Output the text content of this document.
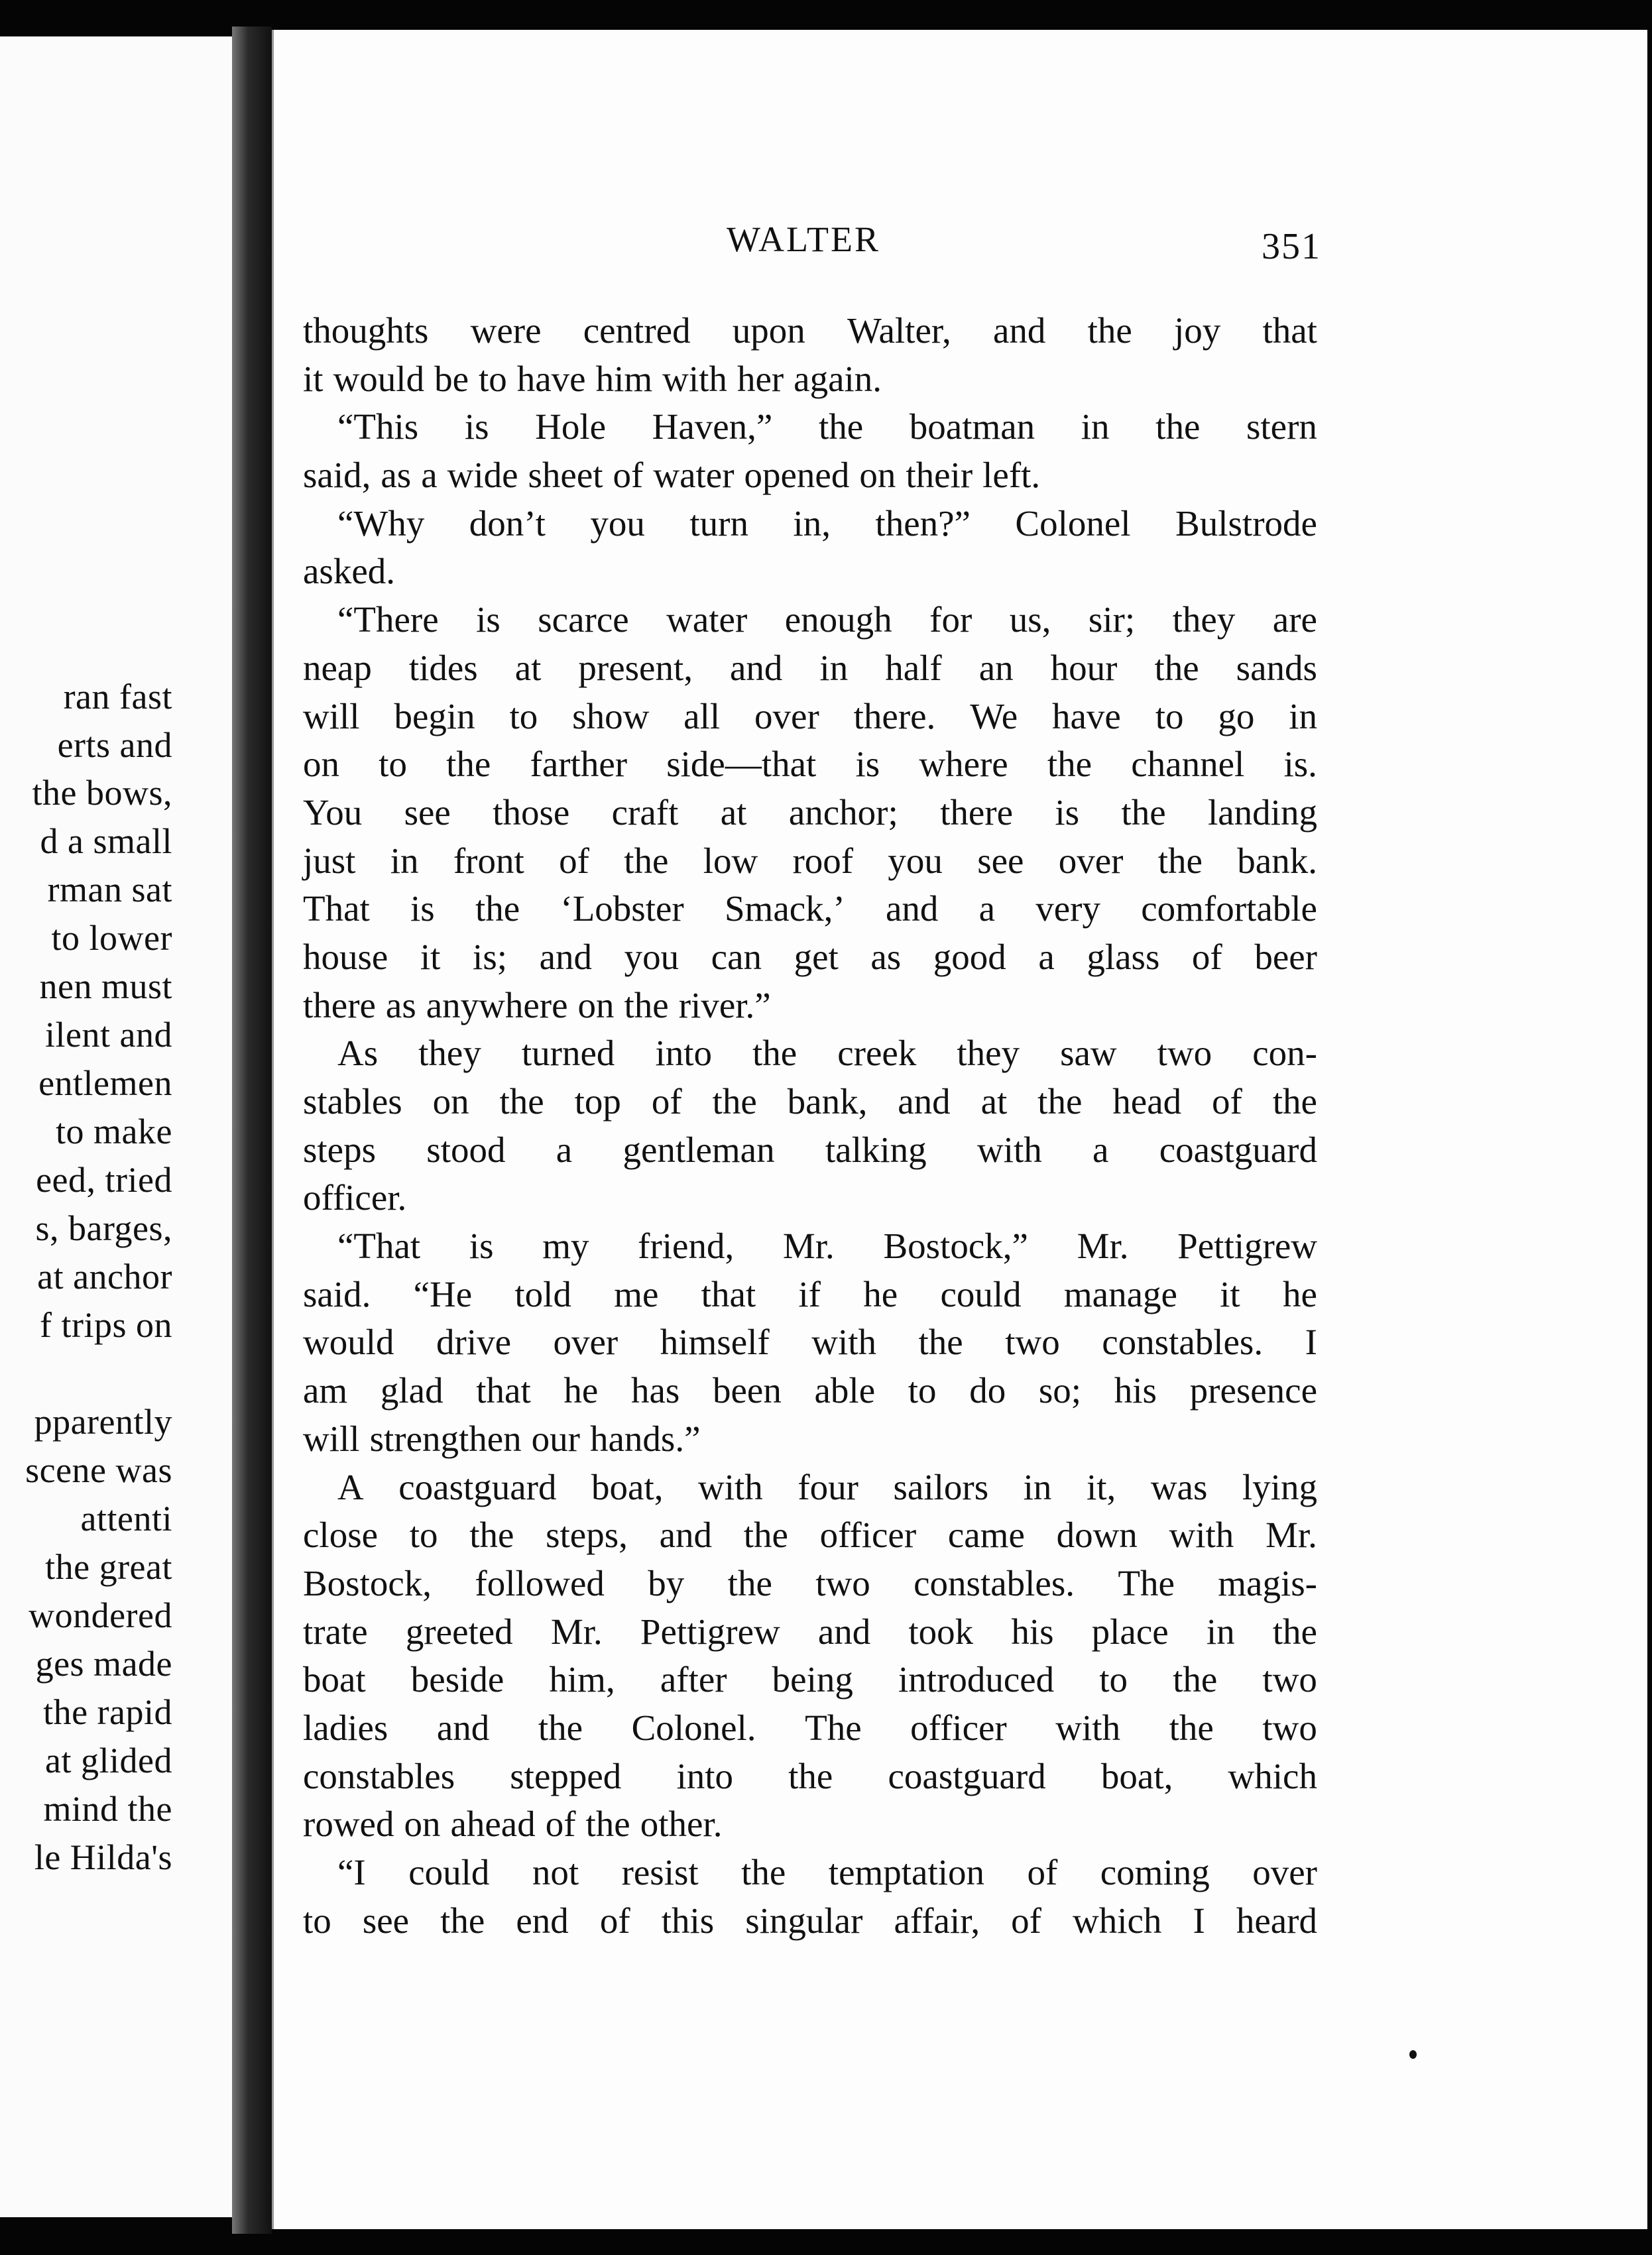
ran fast
erts and
the bows,
d a small
rman sat
to lower
nen must
ilent and
entlemen
to make
eed, tried
s, barges,
at anchor
f trips on
pparently
scene was
attenti
the great
wondered
ges made
the rapid
at glided
mind the
le Hilda's
WALTER	351
thoughts were centred upon Walter, and the joy that
it would be to have him with her again.
“This is Hole Haven,” the boatman in the stern
said, as a wide sheet of water opened on their left.
“Why don’t you turn in, then?” Colonel Bulstrode
asked.
“There is scarce water enough for us, sir; they are
neap tides at present, and in half an hour the sands
will begin to show all over there. We have to go in
on to the farther side—that is where the channel is.
You see those craft at anchor; there is the landing
just in front of the low roof you see over the bank.
That is the ‘Lobster Smack,’ and a very comfortable
house it is; and you can get as good a glass of beer
there as anywhere on the river.”
As they turned into the creek they saw two con-
stables on the top of the bank, and at the head of the
steps stood a gentleman talking with a coastguard
officer.
“That is my friend, Mr. Bostock,” Mr. Pettigrew
said. “He told me that if he could manage it he
would drive over himself with the two constables. I
am glad that he has been able to do so; his presence
will strengthen our hands.”
A coastguard boat, with four sailors in it, was lying
close to the steps, and the officer came down with Mr.
Bostock, followed by the two constables. The magis-
trate greeted Mr. Pettigrew and took his place in the
boat beside him, after being introduced to the two
ladies and the Colonel. The officer with the two
constables stepped into the coastguard boat, which
rowed on ahead of the other.
“I could not resist the temptation of coming over
to see the end of this singular affair, of which I heard
